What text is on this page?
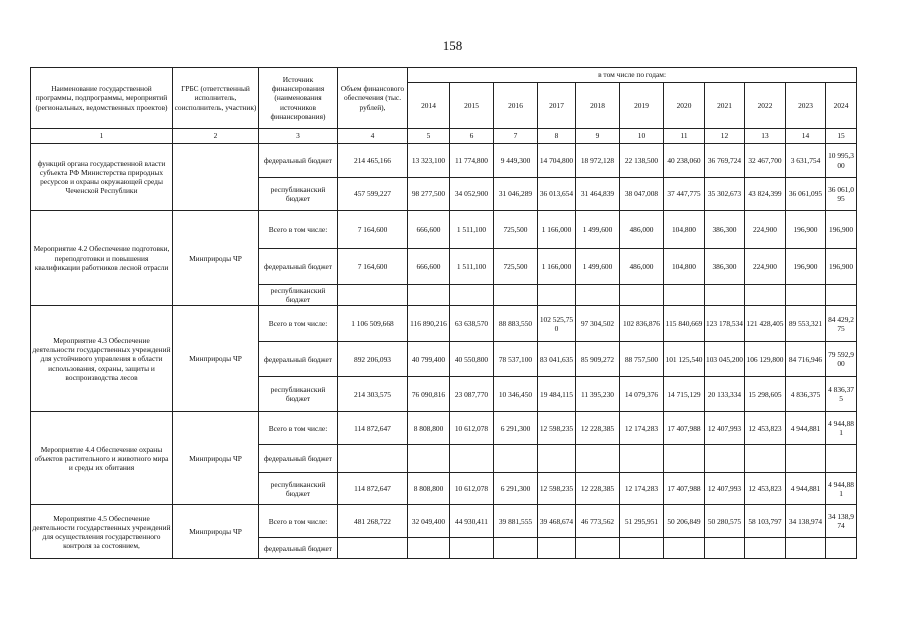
158
Наименование государственной программы, подпрограммы, мероприятий (региональных, ведомственных проектов)	ГРБС (ответственный исполнитель, соисполнитель, участник)	Источник финансирования (наименования источников финансирования)	Объем финансового обеспечения (тыс. рублей),	в том числе по годам:										
				2014	2015	2016	2017	2018	2019	2020	2021	2022	2023	2024
1	2	3	4	5	6	7	8	9	10	11	12	13	14	15
функций органа государственной власти субъекта РФ Министерства природных ресурсов и охраны окружающей среды Чеченской Республики		федеральный бюджет	214 465,166	13 323,100	11 774,800	9 449,300	14 704,800	18 972,128	22 138,500	40 238,060	36 769,724	32 467,700	3 631,754	10 995,300
		республиканский бюджет	457 599,227	98 277,500	34 052,900	31 046,289	36 013,654	31 464,839	38 047,008	37 447,775	35 302,673	43 824,399	36 061,095	36 061,095
Мероприятие 4.2 Обеспечение подготовки, переподготовки и повышения квалификации работников лесной отрасли	Минприроды ЧР	Всего в том числе:	7 164,600	666,600	1 511,100	725,500	1 166,000	1 499,600	486,000	104,800	386,300	224,900	196,900	196,900
		федеральный бюджет	7 164,600	666,600	1 511,100	725,500	1 166,000	1 499,600	486,000	104,800	386,300	224,900	196,900	196,900
		республиканский бюджет												
Мероприятие 4.3 Обеспечение деятельности государственных учреждений для устойчивого управления в области использования, охраны, защиты и воспроизводства лесов	Минприроды ЧР	Всего в том числе:	1 106 509,668	116 890,216	63 638,570	88 883,550	102 525,750	97 304,502	102 836,876	115 840,669	123 178,534	121 428,405	89 553,321	84 429,275
		федеральный бюджет	892 206,093	40 799,400	40 550,800	78 537,100	83 041,635	85 909,272	88 757,500	101 125,540	103 045,200	106 129,800	84 716,946	79 592,900
		республиканский бюджет	214 303,575	76 090,816	23 087,770	10 346,450	19 484,115	11 395,230	14 079,376	14 715,129	20 133,334	15 298,605	4 836,375	4 836,375
Мероприятие 4.4 Обеспечение охраны объектов растительного и животного мира и среды их обитания	Минприроды ЧР	Всего в том числе:	114 872,647	8 808,800	10 612,078	6 291,300	12 598,235	12 228,385	12 174,283	17 407,988	12 407,993	12 453,823	4 944,881	4 944,881
		федеральный бюджет												
		республиканский бюджет	114 872,647	8 808,800	10 612,078	6 291,300	12 598,235	12 228,385	12 174,283	17 407,988	12 407,993	12 453,823	4 944,881	4 944,881
Мероприятие 4.5 Обеспечение деятельности государственных учреждений для осуществления государственного контроля за состоянием,	Минприроды ЧР	Всего в том числе:	481 268,722	32 049,400	44 930,411	39 881,555	39 468,674	46 773,562	51 295,951	50 206,849	50 280,575	58 103,797	34 138,974	34 138,974
		федеральный бюджет												
